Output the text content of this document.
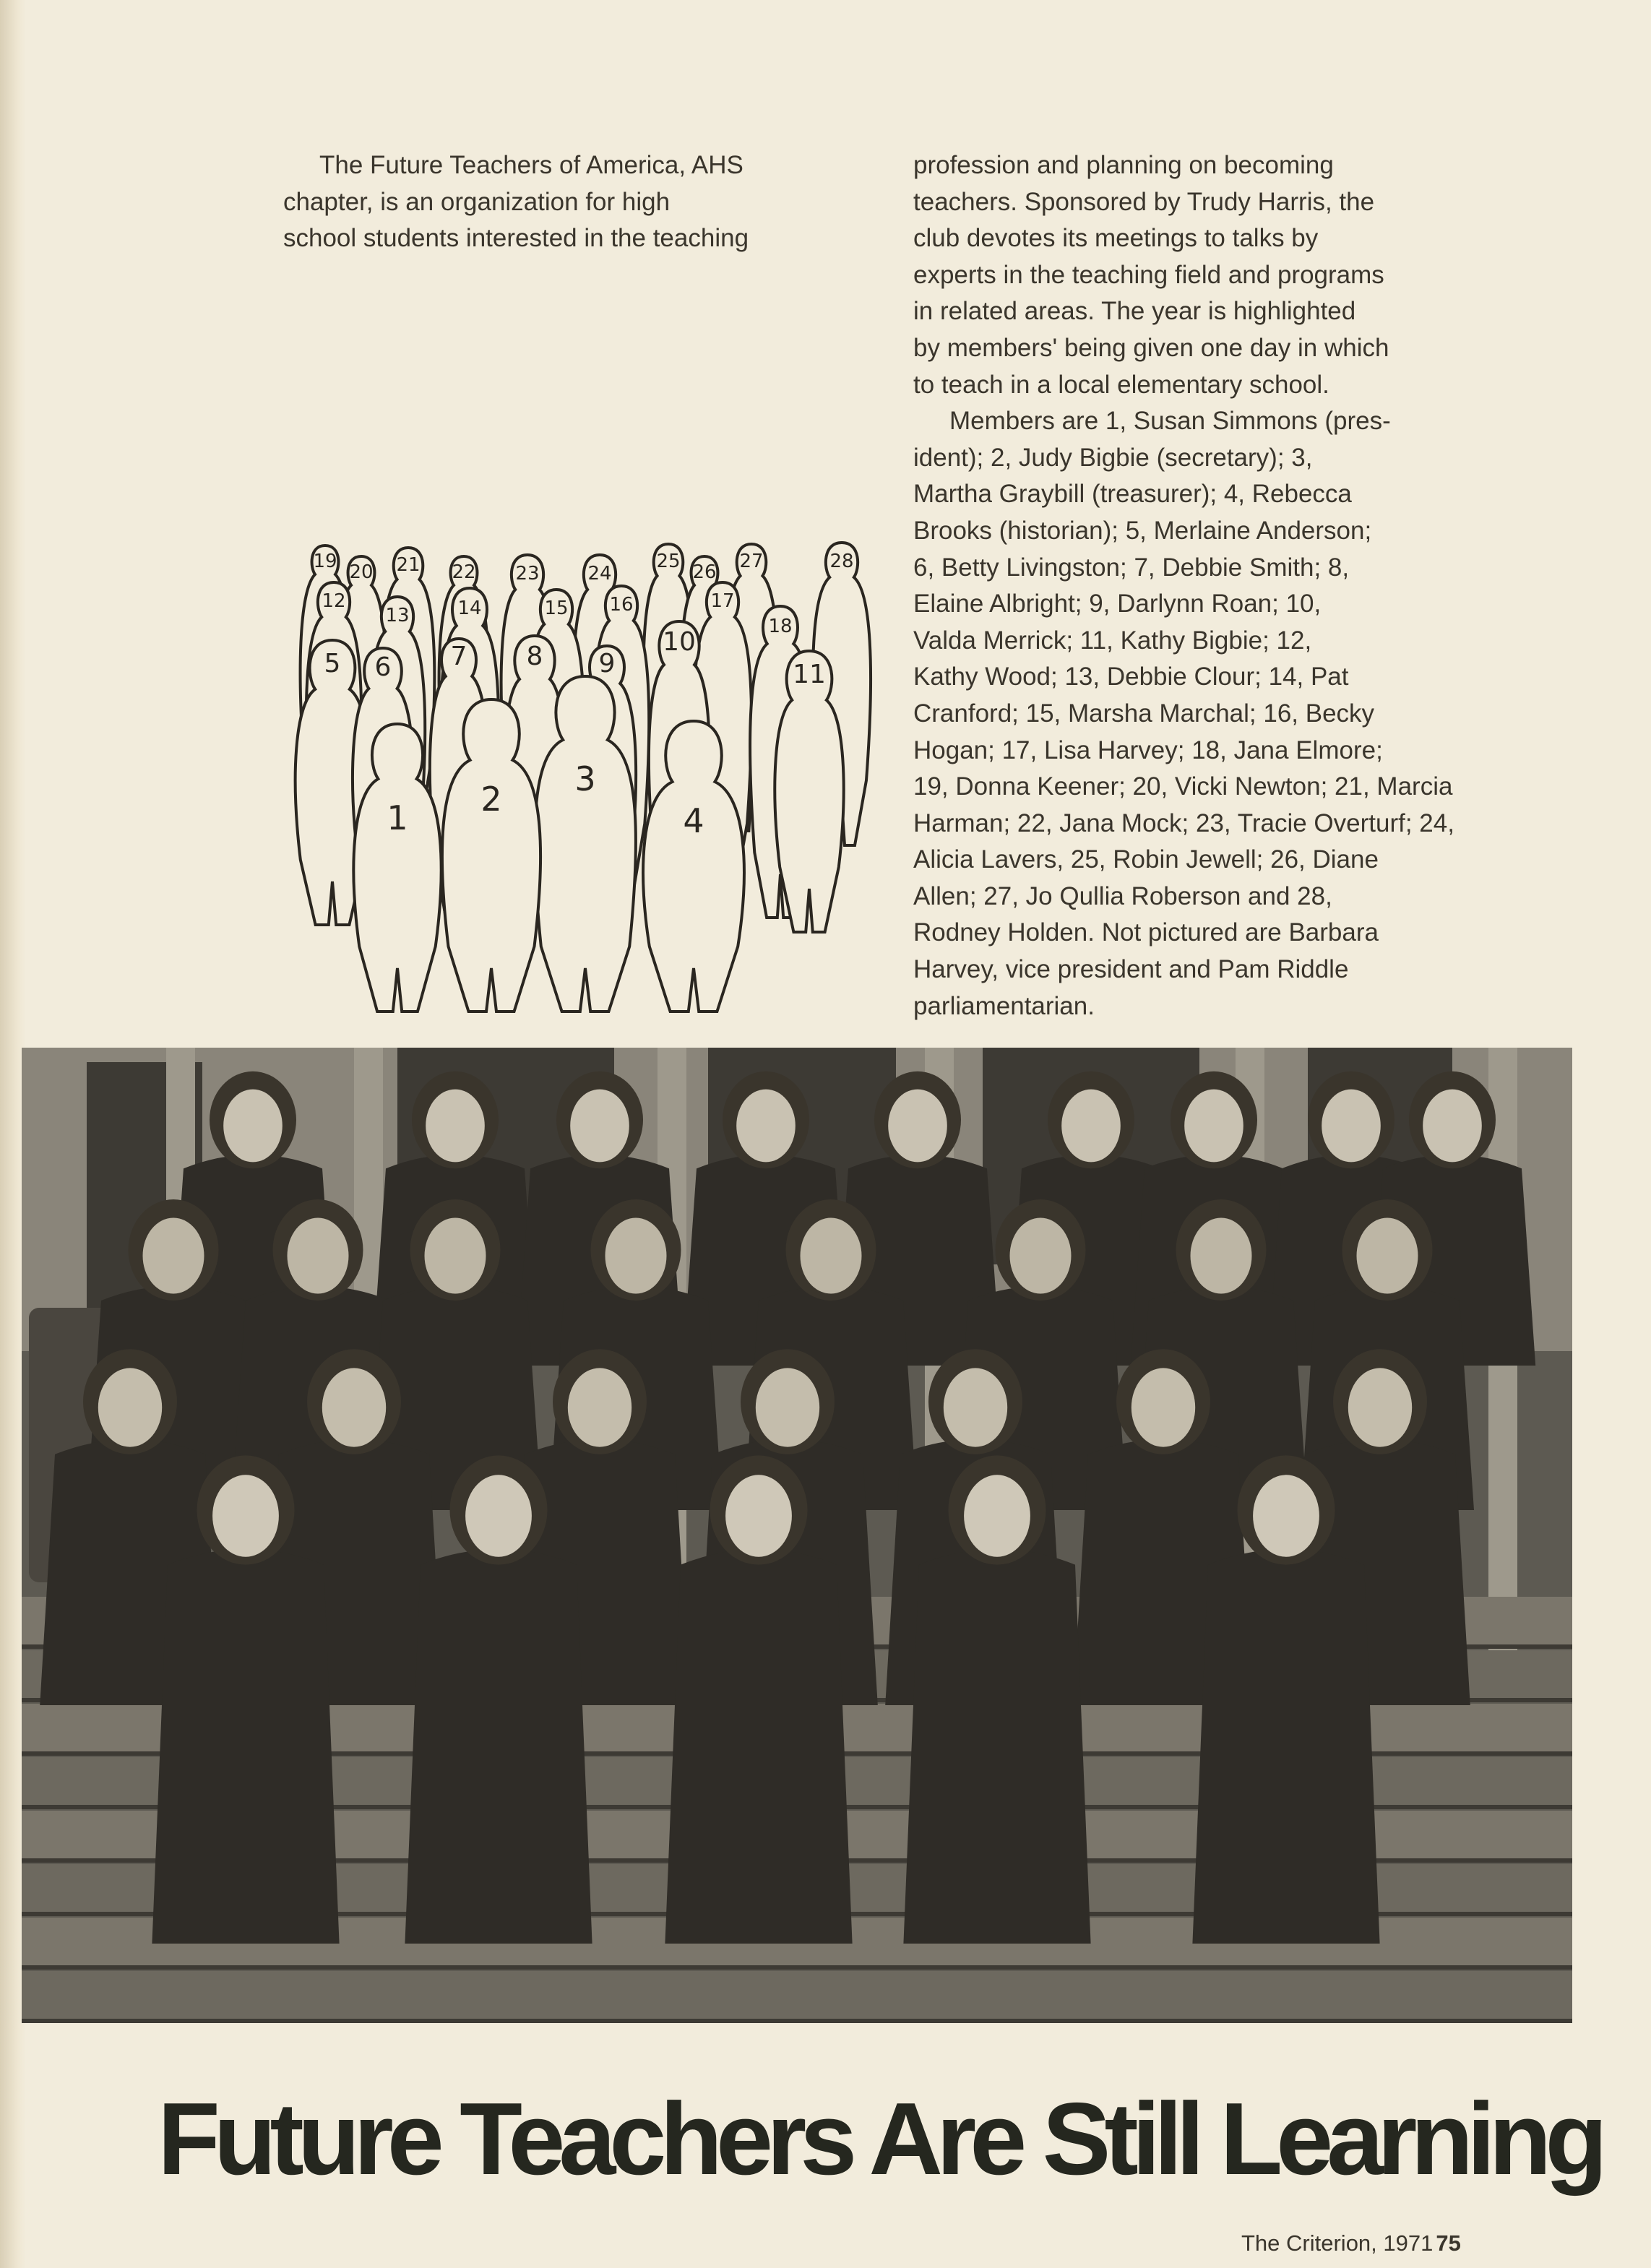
The Future Teachers of America, AHS
chapter, is an organization for high
school students interested in the teaching
profession and planning on becoming
teachers. Sponsored by Trudy Harris, the
club devotes its meetings to talks by
experts in the teaching field and programs
in related areas. The year is highlighted
by members' being given one day in which
to teach in a local elementary school.
Members are 1, Susan Simmons (pres-
ident); 2, Judy Bigbie (secretary); 3,
Martha Graybill (treasurer); 4, Rebecca
Brooks (historian); 5, Merlaine Anderson;
6, Betty Livingston; 7, Debbie Smith; 8,
Elaine Albright; 9, Darlynn Roan; 10,
Valda Merrick; 11, Kathy Bigbie; 12,
Kathy Wood; 13, Debbie Clour; 14, Pat
Cranford; 15, Marsha Marchal; 16, Becky
Hogan; 17, Lisa Harvey; 18, Jana Elmore;
19, Donna Keener; 20, Vicki Newton; 21, Marcia
Harman; 22, Jana Mock; 23, Tracie Overturf; 24,
Alicia Lavers, 25, Robin Jewell; 26, Diane
Allen; 27, Jo Qullia Roberson and 28,
Rodney Holden. Not pictured are Barbara
Harvey, vice president and Pam Riddle
parliamentarian.
19	25	27	28
21
20	22	26
23	24
12	17
16
14	15
13	18
10
7 8
5	9
6	11
3
2
1	4
Future Teachers Are Still Learning
The Criterion, 1971 75
